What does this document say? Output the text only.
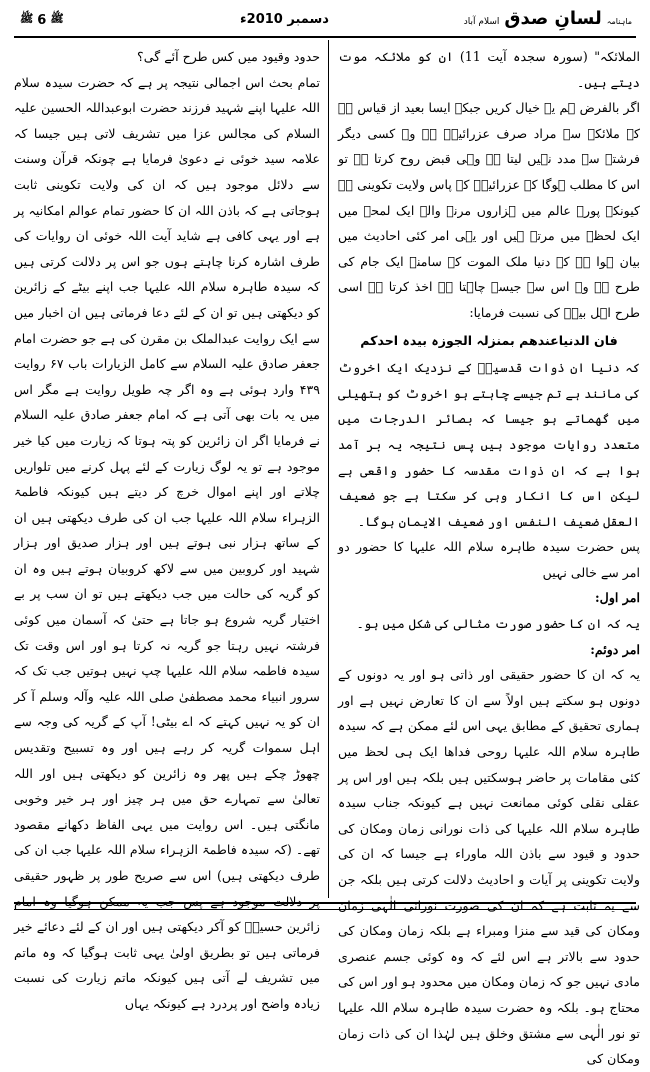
ﷺ 6 ﷺ	دسمبر 2010ء	ماہنامہ
لسانِ صدق
اسلام آباد

الملائکہ" (سورہ سجدہ آیت 11) ان کو ملائکہ موت دیتے ہیں۔

اگر بالفرض ہم یہ خیال کریں جبکہ ایسا بعید از قیاس ہے کہ ملائکہ سے مراد صرف عزرائیلؑ ہے وہ کسی دیگر فرشتے سے مدد نہیں لیتا ہے وہی قبض روح کرتا ہے تو اس کا مطلب ہوگا کہ عزرائیلؑ کے پاس ولایت تکوینی ہے کیونکہ پورے عالم میں ہزاروں مرنے والے ایک لمحہ میں ایک لحظہ میں مرتے ہیں اور یہی امر کئی احادیث میں بیان ہوا ہے کہ دنیا ملک الموت کے سامنے ایک جام کی طرح ہے وہ اس سے جیسے چاہتا ہے اخذ کرتا ہے اسی طرح اہل بیتؑ کی نسبت فرمایا:

فان الدنیاعندھم بمنزلہ الجوزہ بیدہ احدکم

کہ دنیا ان ذوات قدسیہؑ کے نزدیک ایک اخروٹ کی مانند ہے تم جیسے چاہتے ہو اخروٹ کو ہتھیلی میں گھماتے ہو جیسا کہ بصائر الدرجات میں متعدد روایات موجود ہیں پس نتیجہ یہ بر آمد ہوا ہے کہ ان ذوات مقدسہ کا حضور واقعی ہے لیکن اس کا انکار وہی کر سکتا ہے جو ضعیف العقل ضعیف النفس اور ضعیف الایمان ہوگا۔

پس حضرت سیدہ طاہرہ سلام اللہ علیہا کا حضور دو امر سے خالی نہیں

امر اول:

یہ کہ ان کا حضور صورت مثالی کی شکل میں ہو۔

امر دوئم:

یہ کہ ان کا حضور حقیقی اور ذاتی ہو اور یہ دونوں کے دونوں ہو سکتے ہیں اولاً سے ان کا تعارض نہیں ہے اور ہماری تحقیق کے مطابق یہی اس لئے ممکن ہے کہ سیدہ طاہرہ سلام اللہ علیہا روحی فداھا ایک ہی لحظ میں کئی مقامات پر حاضر ہوسکتیں ہیں بلکہ ہیں اور اس پر عقلی نقلی کوئی ممانعت نہیں ہے کیونکہ جناب سیدہ طاہرہ سلام اللہ علیہا کی ذات نورانی زمان ومکان کی حدود و قیود سے باذن اللہ ماوراء ہے جیسا کہ ان کی ولایت تکوینی پر آیات و احادیث دلالت کرتی ہیں بلکہ جن سے یہ ثابت ہے کہ ان کی صورت نورانی الٰہی زمان ومکان کی قید سے منزا ومبراء ہے بلکہ زمان ومکان کی حدود سے بالاتر ہے اس لئے کہ وہ کوئی جسم عنصری مادی نہیں جو کہ زمان ومکان میں محدود ہو اور اس کی محتاج ہو۔ بلکہ وہ حضرت سیدہ طاہرہ سلام اللہ علیہا تو نور الٰہی سے مشتق وخلق ہیں لہٰذا ان کی ذات زمان ومکان کی

حدود وقیود میں کس طرح آئے گی؟

تمام بحث اس اجمالی نتیجہ پر ہے کہ حضرت سیدہ سلام اللہ علیہا اپنے شہید فرزند حضرت ابوعبداللہ الحسین علیہ السلام کی مجالس عزا میں تشریف لاتی ہیں جیسا کہ علامہ سید خوئی نے دعویٰ فرمایا ہے چونکہ قرآن وسنت سے دلائل موجود ہیں کہ ان کی ولایت تکوینی ثابت ہوجاتی ہے کہ باذن اللہ ان کا حضور تمام عوالم امکانیہ پر ہے اور یہی کافی ہے شاید آیت اللہ خوئی ان روایات کی طرف اشارہ کرنا چاہتے ہوں جو اس پر دلالت کرتی ہیں کہ سیدہ طاہرہ سلام اللہ علیہا جب اپنے بیٹے کے زائرین کو دیکھتی ہیں تو ان کے لئے دعا فرماتی ہیں ان اخبار میں سے ایک روایت عبدالملک بن مقرن کی ہے جو حضرت امام جعفر صادق علیہ السلام سے کامل الزیارات باب ۶۷ روایت ۴۳۹ وارد ہوئی ہے وہ اگر چہ طویل روایت ہے مگر اس میں یہ بات بھی آتی ہے کہ امام جعفر صادق علیہ السلام نے فرمایا اگر ان زائرین کو پتہ ہوتا کہ زیارت میں کیا خیر موجود ہے تو یہ لوگ زیارت کے لئے پہل کرنے میں تلواریں چلاتے اور اپنے اموال خرچ کر دیتے ہیں کیونکہ فاطمۃ الزہراء سلام اللہ علیہا جب ان کی طرف دیکھتی ہیں ان کے ساتھ ہزار نبی ہوتے ہیں اور ہزار صدیق اور ہزار شہید اور کروبین میں سے لاکھ کروبیان ہوتے ہیں وہ ان کو گریہ کی حالت میں جب دیکھتے ہیں تو ان سب پر بے اختیار گریہ شروع ہو جاتا ہے حتیٰ کہ آسمان میں کوئی فرشتہ نہیں رہتا جو گریہ نہ کرتا ہو اور اس وقت تک سیدہ فاطمہ سلام اللہ علیہا چپ نہیں ہوتیں جب تک کہ سرور انبیاء محمد مصطفیٰ صلی اللہ علیہ وآلہ وسلم آ کر ان کو یہ نہیں کہتے کہ اے بیٹی! آپ کے گریہ کی وجہ سے اہل سموات گریہ کر رہے ہیں اور وہ تسبیح وتقدیس چھوڑ چکے ہیں پھر وہ زائرین کو دیکھتی ہیں اور اللہ تعالیٰ سے تمہارے حق میں ہر چیز اور ہر خیر وخوبی مانگتی ہیں۔ اس روایت میں یہی الفاظ دکھانے مقصود تھے۔ (کہ سیدہ فاطمۃ الزہراء سلام اللہ علیہا جب ان کی طرف دیکھتی ہیں) اس سے صریح طور پر ظہور حقیقی پر دلالت موجود ہے پس جب یہ ممکن ہوگیا وہ امام زائرین حسینؑ کو آکر دیکھتی ہیں اور ان کے لئے دعائے خیر فرماتی ہیں تو بطریق اولیٰ یہی ثابت ہوگیا کہ وہ ماتم میں تشریف لے آتی ہیں کیونکہ ماتم زیارت کی نسبت زیادہ واضح اور پردرد ہے کیونکہ یہاں
